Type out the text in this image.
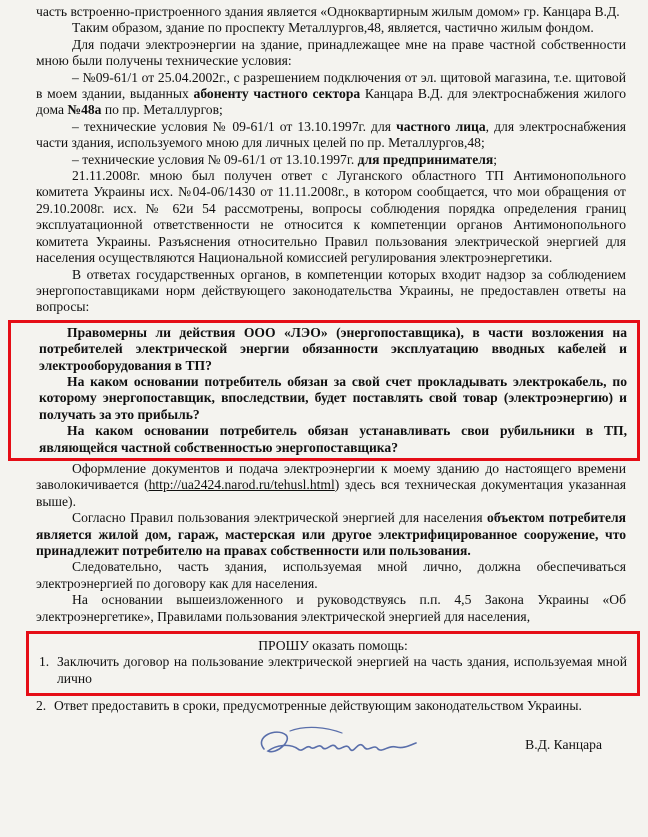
часть встроенно-пристроенного здания является «Одноквартирным жилым домом» гр. Канцара В.Д.

Таким образом, здание по проспекту Металлургов,48, является, частично жилым фондом.

Для подачи электроэнергии на здание, принадлежащее мне на праве частной собственности мною были получены технические условия:

– №09-61/1 от 25.04.2002г., с разрешением подключения от эл. щитовой магазина, т.е. щитовой в моем здании, выданных абоненту частного сектора Канцара В.Д. для электроснабжения жилого дома №48а по пр. Металлургов;

– технические условия № 09-61/1 от 13.10.1997г. для частного лица, для электроснабжения части здания, используемого мною для личных целей по пр. Металлургов,48;

– технические условия № 09-61/1 от 13.10.1997г. для предпринимателя;

21.11.2008г. мною был получен ответ с Луганского областного ТП Антимонопольного комитета Украины исх. №04-06/1430 от 11.11.2008г., в котором сообщается, что мои обращения от 29.10.2008г. исх. № 62и 54 рассмотрены, вопросы соблюдения порядка определения границ эксплуатационной ответственности не относится к компетенции органов Антимонопольного комитета Украины. Разъяснения относительно Правил пользования электрической энергией для населения осуществляются Национальной комиссией регулирования электроэнергетики.

В ответах государственных органов, в компетенции которых входит надзор за соблюдением энергопоставщиками норм действующего законодательства Украины, не предоставлен ответы на вопросы:

Правомерны ли действия ООО «ЛЭО» (энергопоставщика), в части возложения на потребителей электрической энергии обязанности эксплуатацию вводных кабелей и электрооборудования в ТП?

На каком основании потребитель обязан за свой счет прокладывать электрокабель, по которому энергопоставщик, впоследствии, будет поставлять свой товар (электроэнергию) и получать за это прибыль?

На каком основании потребитель обязан устанавливать свои рубильники в ТП, являющейся частной собственностью энергопоставщика?

Оформление документов и подача электроэнергии к моему зданию до настоящего времени заволокичивается (http://ua2424.narod.ru/tehusl.html) здесь вся техническая документация указанная выше).

Согласно Правил пользования электрической энергией для населения объектом потребителя является жилой дом, гараж, мастерская или другое электрифицированное сооружение, что принадлежит потребителю на правах собственности или пользования.

Следовательно, часть здания, используемая мной лично, должна обеспечиваться электроэнергией по договору как для населения.

На основании вышеизложенного и руководствуясь п.п. 4,5 Закона Украины «Об электроэнергетике», Правилами пользования электрической энергией для населения,

ПРОШУ оказать помощь:

1. Заключить договор на пользование электрической энергией на часть здания, используемая мной лично
2. Ответ предоставить в сроки, предусмотренные действующим законодательством Украины.
В.Д. Канцара
